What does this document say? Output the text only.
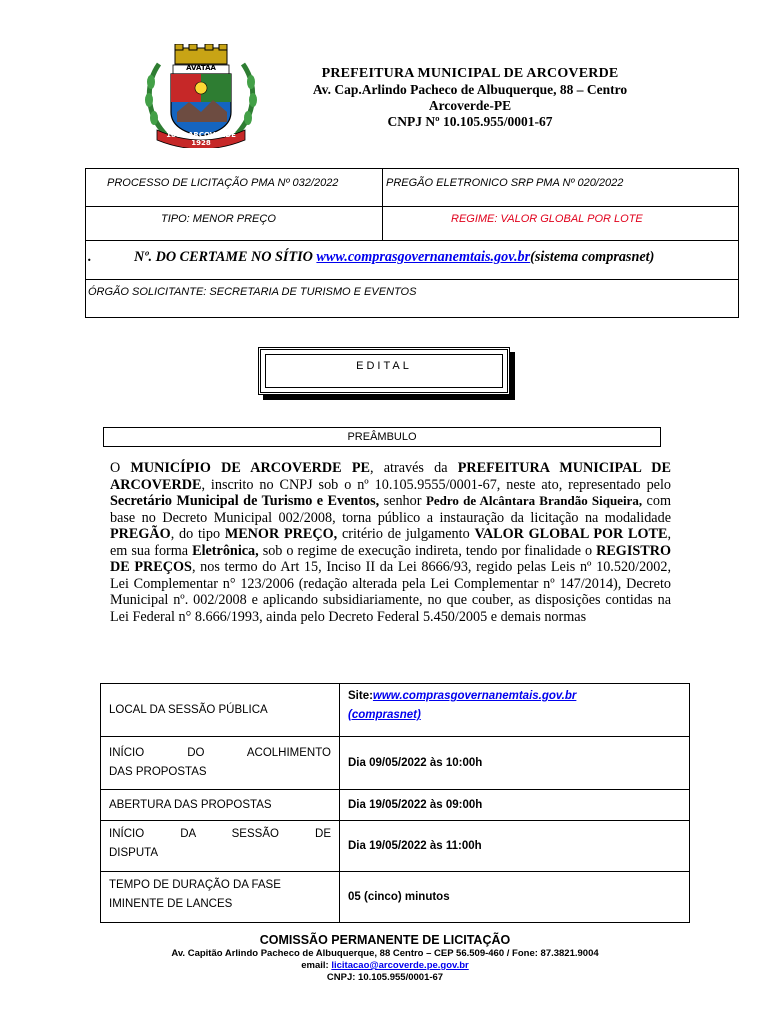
AVATAÁ
1865 ARCOVERDE 1928
PREFEITURA MUNICIPAL DE ARCOVERDE
Av. Cap.Arlindo Pacheco de Albuquerque, 88 – Centro
Arcoverde-PE
CNPJ Nº 10.105.955/0001-67
PROCESSO DE LICITAÇÃO PMA Nº 032/2022	PREGÃO ELETRONICO SRP PMA Nº 020/2022
TIPO: MENOR PREÇO	REGIME: VALOR GLOBAL POR LOTE
.	Nº. DO CERTAME NO SÍTIO www.comprasgovernanemtais.gov.br(sistema comprasnet)
ÓRGÃO SOLICITANTE: SECRETARIA DE TURISMO E EVENTOS
EDITAL
PREÂMBULO
O MUNICÍPIO DE ARCOVERDE PE, através da PREFEITURA MUNICIPAL DE ARCOVERDE, inscrito no CNPJ sob o nº 10.105.9555/0001-67, neste ato, representado pelo Secretário Municipal de Turismo e Eventos, senhor Pedro de Alcântara Brandão Siqueira, com base no Decreto Municipal 002/2008, torna público a instauração da licitação na modalidade PREGÃO, do tipo MENOR PREÇO, critério de julgamento VALOR GLOBAL POR LOTE, em sua forma Eletrônica, sob o regime de execução indireta, tendo por finalidade o REGISTRO DE PREÇOS, nos termo do Art 15, Inciso II da Lei 8666/93, regido pelas Leis nº 10.520/2002, Lei Complementar n° 123/2006 (redação alterada pela Lei Complementar nº 147/2014), Decreto Municipal nº. 002/2008 e aplicando subsidiariamente, no que couber, as disposições contidas na Lei Federal n° 8.666/1993, ainda pelo Decreto Federal 5.450/2005 e demais normas
LOCAL DA SESSÃO PÚBLICA	Site:www.comprasgovernanemtais.gov.br
(comprasnet)

INÍCIO    DO    ACOLHIMENTO
DAS PROPOSTAS	Dia 09/05/2022 às 10:00h
ABERTURA DAS PROPOSTAS	Dia 19/05/2022 às 09:00h

INÍCIO    DA    SESSÃO    DE
DISPUTA	Dia 19/05/2022 às 11:00h
TEMPO DE DURAÇÃO DA FASE
IMINENTE DE LANCES	05 (cinco) minutos
COMISSÃO PERMANENTE DE LICITAÇÃO
Av. Capitão Arlindo Pacheco de Albuquerque, 88 Centro – CEP 56.509-460 / Fone: 87.3821.9004
email: licitacao@arcoverde.pe.gov.br
CNPJ: 10.105.955/0001-67
